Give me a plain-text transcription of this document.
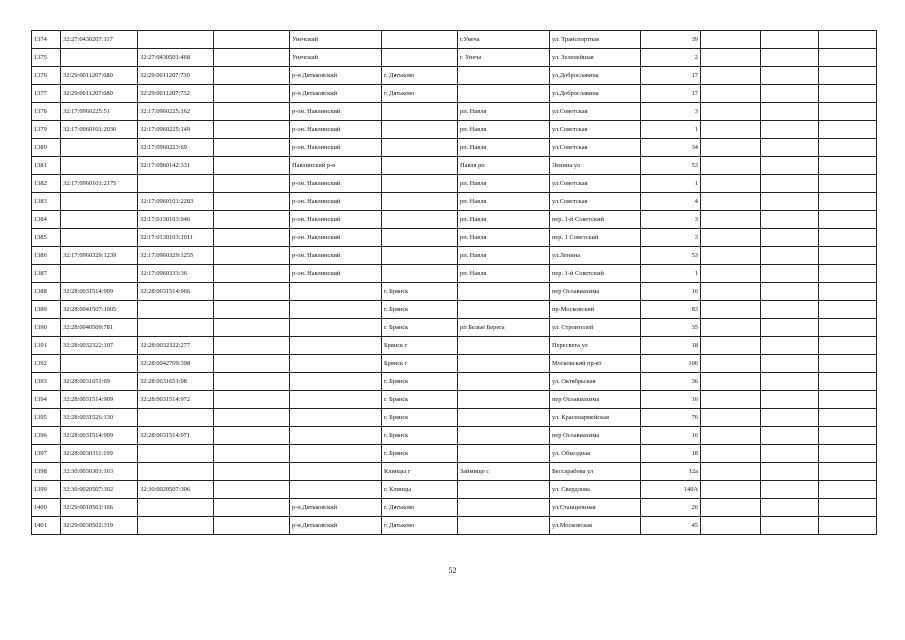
1374	32:27:0430207:117			Унечский		г.Унеча	ул. Транспортная	39			
1375		32:27:0430501:468		Унечский		г. Унеча	ул. Зеленейшая	2			
1376	32:29:0011207:680	32:29:0011207:730		р-н Дятьковский	г. Дятьково		ул.Доброславина	17			
1377	32:29:0011207:680	32:29:0011207:732		р-н Дятьковский	г. Дятьково		ул.Доброславина	17			
1378	32:17:0960225:51	32:17:0960225:162		р-он. Навлинский		рп. Навля	ул.Советская	3			
1379	32:17:0960101:2030	32:17:0960225:149		р-он. Навлинский		рп. Навля	ул.Советская	1			
1380		32:17:0960223:69		р-он. Навлинский		рп. Навля	ул.Советская	34			
1381		32:17:0960142:331		Навлинский р-н		Навля рп	Ленина ул	53			
1382	32:17:0960101:2175			р-он. Навлинский		рп. Навля	ул.Советская	1			
1383		32:17:0960101:2283		р-он. Навлинский		рп. Навля	ул.Советская	4			
1384		32:17:0130103:946		р-он. Навлинский		рп. Навля	пер. 1-й Советский	3			
1385		32:17:0130103:1011		р-он. Навлинский		рп. Навля	пер. 1 Советский	3			
1386	32:17:0960329:1239	32:17:0960329:1255		р-он. Навлинский		рп. Навля	ул.Ленина	53			
1387		32:17:0960333:36		р-он. Навлинский		рп. Навля	пер. 1-й Советский	1			
1388	32:28:0031514:909	32:28:0031514:966			г. Брянск		пер Осоавиахима	16			
1389	32:28:0041507:1005				г. Брянск		пр-Московский	83			
1390	32:28:0040509:781				г. Брянск	рп Белые Берега	ул. Строителей	35			
1391	32:28:0032322:107	32:28:0032322:277			Брянск г		Пересвета ул	18			
1392		32:28:0042709:398			Брянск г		Московский пр-кт	106			
1393	32:28:0031651:69	32:28:0031651:98			г. Брянск		ул. Октябрьская	36			
1394	32:28:0031514:909	32:28:0031514:972			г. Брянск		пер Осоавиахима	16			
1395	32:28:0031526:130				г. Брянск		ул. Красноармейская	76			
1396	32:28:0031514:909	32:28:0031514:971			г. Брянск		пер Осоавиахима	16			
1397	32:28:0030311:199				г. Брянск		ул. Объездная	18			
1398	32:30:0030301:163				Клинцы г	Займище с	Бессарабова ул	12а			
1399	32:30:0020507:302	32:30:0020507:306			г. Клинцы		ул. Свердлова	140А			
1400	32:29:0010501:166			р-н.Дятьковский	г. Дятьково		ул.Станционная	26			
1401	32:29:0030502:319			р-н.Дятьковский	г. Дятьково		ул.Московская	45			
52
